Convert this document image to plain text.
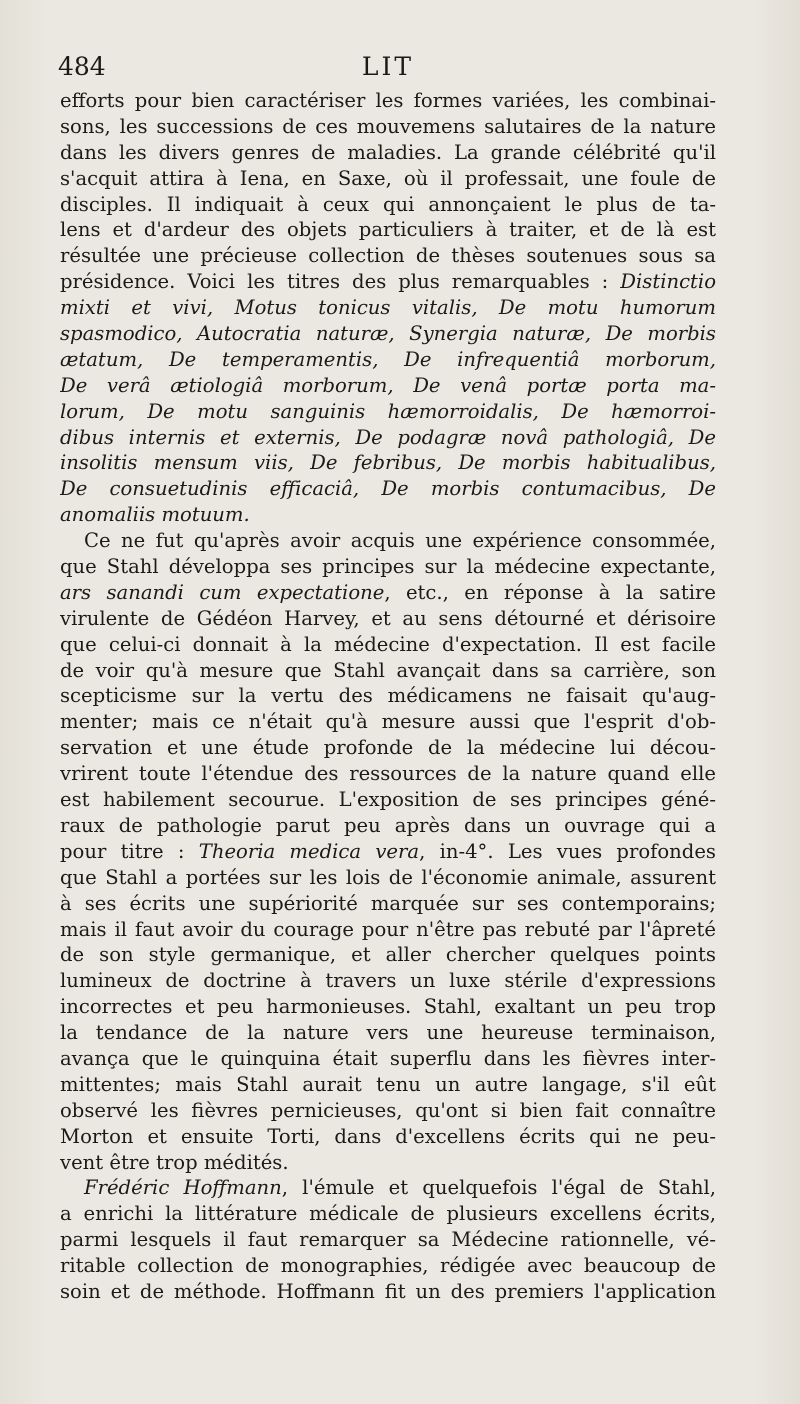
484	LIT
efforts pour bien caractériser les formes variées, les combinai-
sons, les successions de ces mouvemens salutaires de la nature
dans les divers genres de maladies. La grande célébrité qu'il
s'acquit attira à Iena, en Saxe, où il professait, une foule de
disciples. Il indiquait à ceux qui annonçaient le plus de ta-
lens et d'ardeur des objets particuliers à traiter, et de là est
résultée une précieuse collection de thèses soutenues sous sa
présidence. Voici les titres des plus remarquables : Distinctio
mixti et vivi, Motus tonicus vitalis, De motu humorum
spasmodico, Autocratia naturæ, Synergia naturæ, De morbis
ætatum, De temperamentis, De infrequentiâ morborum,
De verâ ætiologiâ morborum, De venâ portæ porta ma-
lorum, De motu sanguinis hæmorroidalis, De hæmorroi-
dibus internis et externis, De podagræ novâ pathologiâ, De
insolitis mensum viis, De febribus, De morbis habitualibus,
De consuetudinis efficaciâ, De morbis contumacibus, De
anomaliis motuum.
Ce ne fut qu'après avoir acquis une expérience consommée,
que Stahl développa ses principes sur la médecine expectante,
ars sanandi cum expectatione, etc., en réponse à la satire
virulente de Gédéon Harvey, et au sens détourné et dérisoire
que celui-ci donnait à la médecine d'expectation. Il est facile
de voir qu'à mesure que Stahl avançait dans sa carrière, son
scepticisme sur la vertu des médicamens ne faisait qu'aug-
menter; mais ce n'était qu'à mesure aussi que l'esprit d'ob-
servation et une étude profonde de la médecine lui décou-
vrirent toute l'étendue des ressources de la nature quand elle
est habilement secourue. L'exposition de ses principes géné-
raux de pathologie parut peu après dans un ouvrage qui a
pour titre : Theoria medica vera, in-4°. Les vues profondes
que Stahl a portées sur les lois de l'économie animale, assurent
à ses écrits une supériorité marquée sur ses contemporains;
mais il faut avoir du courage pour n'être pas rebuté par l'âpreté
de son style germanique, et aller chercher quelques points
lumineux de doctrine à travers un luxe stérile d'expressions
incorrectes et peu harmonieuses. Stahl, exaltant un peu trop
la tendance de la nature vers une heureuse terminaison,
avança que le quinquina était superflu dans les fièvres inter-
mittentes; mais Stahl aurait tenu un autre langage, s'il eût
observé les fièvres pernicieuses, qu'ont si bien fait connaître
Morton et ensuite Torti, dans d'excellens écrits qui ne peu-
vent être trop médités.
Frédéric Hoffmann, l'émule et quelquefois l'égal de Stahl,
a enrichi la littérature médicale de plusieurs excellens écrits,
parmi lesquels il faut remarquer sa Médecine rationnelle, vé-
ritable collection de monographies, rédigée avec beaucoup de
soin et de méthode. Hoffmann fit un des premiers l'application
